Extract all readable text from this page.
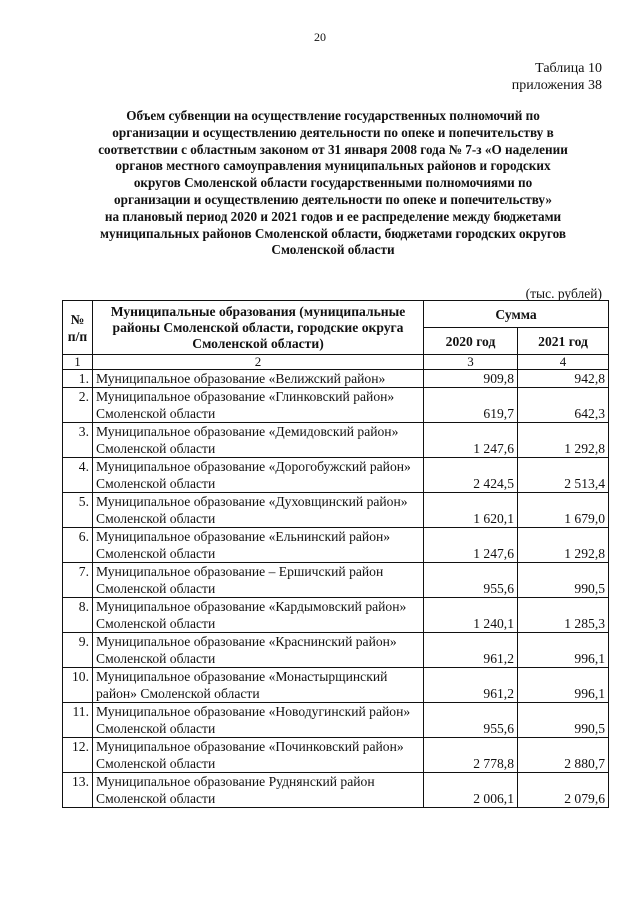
20
Таблица 10
приложения 38
Объем субвенции на осуществление государственных полномочий по
организации и осуществлению деятельности по опеке и попечительству в
соответствии с областным законом от 31 января 2008 года № 7-з «О наделении
органов местного самоуправления муниципальных районов и городских
округов Смоленской области государственными полномочиями по
организации и осуществлению деятельности по опеке и попечительству»
на плановый период 2020 и 2021 годов и ее распределение между бюджетами
муниципальных районов Смоленской области, бюджетами городских округов
Смоленской области
(тыс. рублей)
№ п/п	Муниципальные образования (муниципальные районы Смоленской области, городские округа Смоленской области)	Сумма	
		2020 год	2021 год
1	2	3	4
1.	Муниципальное образование «Велижский район»	909,8	942,8
2.	Муниципальное образование «Глинковский район» Смоленской области	619,7	642,3
3.	Муниципальное образование «Демидовский район» Смоленской области	1 247,6	1 292,8
4.	Муниципальное образование «Дорогобужский район» Смоленской области	2 424,5	2 513,4
5.	Муниципальное образование «Духовщинский район» Смоленской области	1 620,1	1 679,0
6.	Муниципальное образование «Ельнинский район» Смоленской области	1 247,6	1 292,8
7.	Муниципальное образование – Ершичский район Смоленской области	955,6	990,5
8.	Муниципальное образование «Кардымовский район» Смоленской области	1 240,1	1 285,3
9.	Муниципальное образование «Краснинский район» Смоленской области	961,2	996,1
10.	Муниципальное образование «Монастырщинский район» Смоленской области	961,2	996,1
11.	Муниципальное образование «Новодугинский район» Смоленской области	955,6	990,5
12.	Муниципальное образование «Починковский район» Смоленской области	2 778,8	2 880,7
13.	Муниципальное образование Руднянский район Смоленской области	2 006,1	2 079,6
